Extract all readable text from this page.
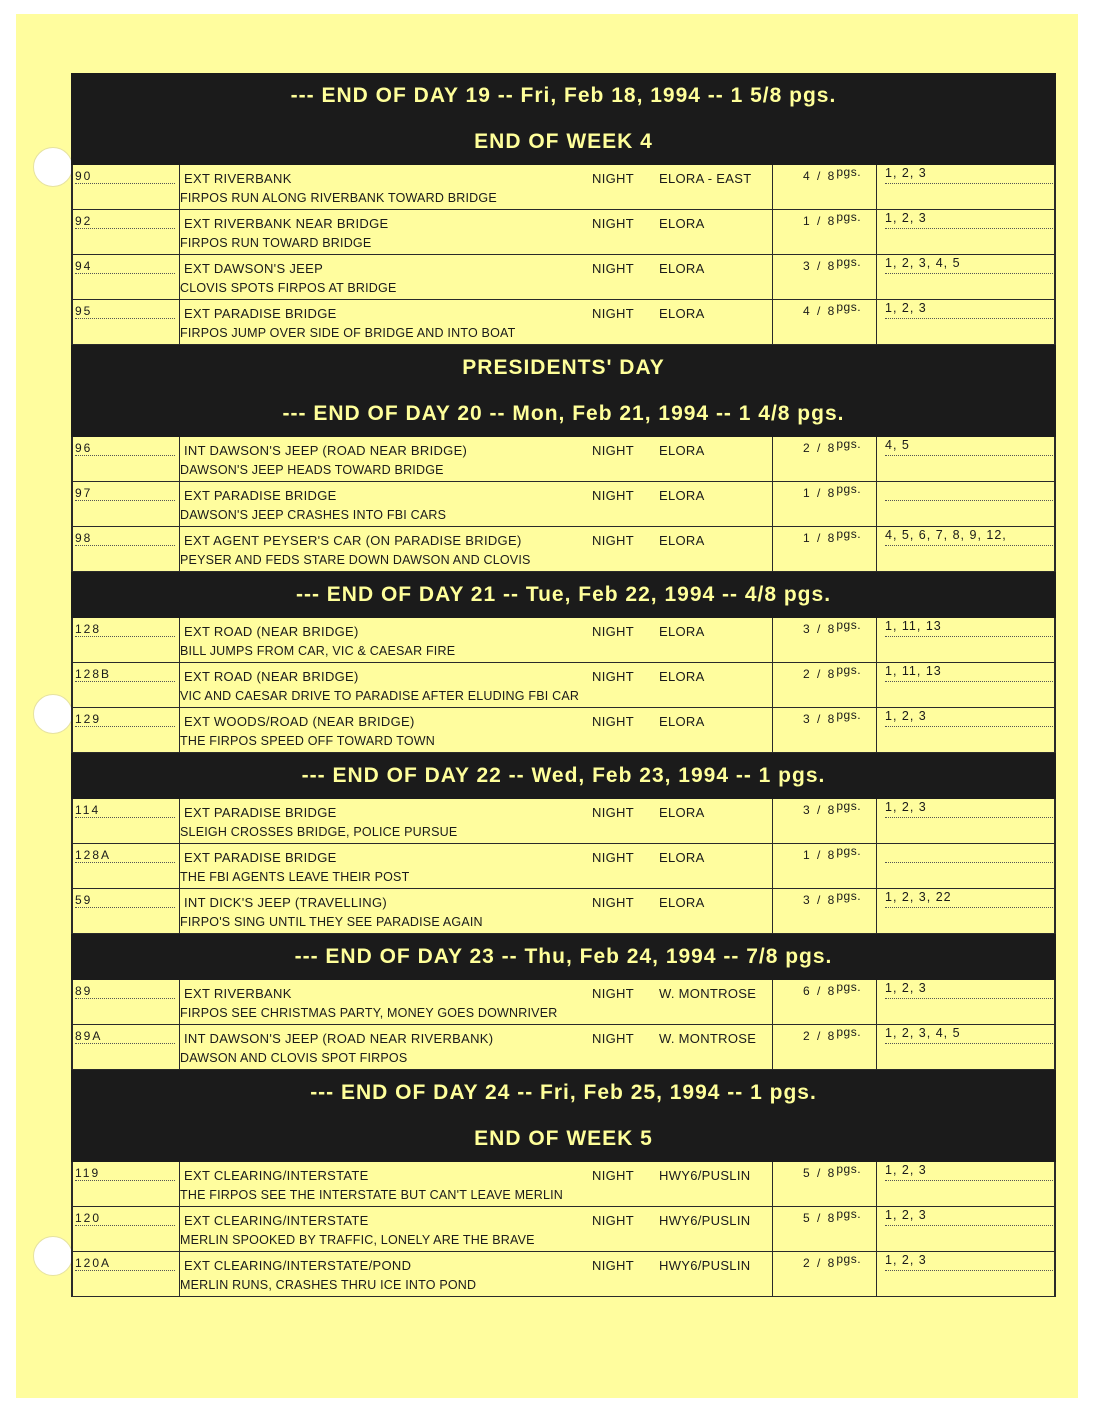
--- END OF DAY 19 -- Fri, Feb 18, 1994 -- 1 5/8 pgs.
END OF WEEK 4
90	EXT RIVERBANK	NIGHT ELORA - EAST
FIRPOS RUN ALONG RIVERBANK TOWARD BRIDGE
$4 / 8^{pgs.}$ 1, 2, 3
92	EXT RIVERBANK NEAR BRIDGE	NIGHT ELORA
FIRPOS RUN TOWARD BRIDGE
$1 / 8^{pgs.}$ 1, 2, 3
94	EXT DAWSON'S JEEP	NIGHT ELORA
CLOVIS SPOTS FIRPOS AT BRIDGE
$3 / 8^{pgs.}$ 1, 2, 3, 4, 5
95	EXT PARADISE BRIDGE	NIGHT ELORA
FIRPOS JUMP OVER SIDE OF BRIDGE AND INTO BOAT
$4 / 8^{pgs.}$ 1, 2, 3
PRESIDENTS' DAY
--- END OF DAY 20 -- Mon, Feb 21, 1994 -- 1 4/8 pgs.
96	INT DAWSON'S JEEP (ROAD NEAR BRIDGE)	NIGHT ELORA
DAWSON'S JEEP HEADS TOWARD BRIDGE
$2 / 8^{pgs.}$ 4, 5
97	EXT PARADISE BRIDGE	NIGHT ELORA
DAWSON'S JEEP CRASHES INTO FBI CARS
$1 / 8^{pgs.}$
98	EXT AGENT PEYSER'S CAR (ON PARADISE BRIDGE)	NIGHT ELORA
PEYSER AND FEDS STARE DOWN DAWSON AND CLOVIS
$1 / 8^{pgs.}$ 4, 5, 6, 7, 8, 9, 12,
--- END OF DAY 21 -- Tue, Feb 22, 1994 -- 4/8 pgs.
128	EXT ROAD (NEAR BRIDGE)	NIGHT ELORA
BILL JUMPS FROM CAR, VIC & CAESAR FIRE
$3 / 8^{pgs.}$ 1, 11, 13
128B	EXT ROAD (NEAR BRIDGE)	NIGHT ELORA
VIC AND CAESAR DRIVE TO PARADISE AFTER ELUDING FBI CAR
$2 / 8^{pgs.}$ 1, 11, 13
129	EXT WOODS/ROAD (NEAR BRIDGE)	NIGHT ELORA
THE FIRPOS SPEED OFF TOWARD TOWN
$3 / 8^{pgs.}$ 1, 2, 3
--- END OF DAY 22 -- Wed, Feb 23, 1994 -- 1 pgs.
114	EXT PARADISE BRIDGE	NIGHT ELORA
SLEIGH CROSSES BRIDGE, POLICE PURSUE
$3 / 8^{pgs.}$ 1, 2, 3
128A	EXT PARADISE BRIDGE	NIGHT ELORA
THE FBI AGENTS LEAVE THEIR POST
$1 / 8^{pgs.}$
59	INT DICK'S JEEP (TRAVELLING)	NIGHT ELORA
FIRPO'S SING UNTIL THEY SEE PARADISE AGAIN
$3 / 8^{pgs.}$ 1, 2, 3, 22
--- END OF DAY 23 -- Thu, Feb 24, 1994 -- 7/8 pgs.
89	EXT RIVERBANK	NIGHT W. MONTROSE
FIRPOS SEE CHRISTMAS PARTY, MONEY GOES DOWNRIVER
$6 / 8^{pgs.}$ 1, 2, 3
89A	INT DAWSON'S JEEP (ROAD NEAR RIVERBANK)	NIGHT W. MONTROSE
DAWSON AND CLOVIS SPOT FIRPOS
$2 / 8^{pgs.}$ 1, 2, 3, 4, 5
--- END OF DAY 24 -- Fri, Feb 25, 1994 -- 1 pgs.
END OF WEEK 5
119	EXT CLEARING/INTERSTATE	NIGHT HWY6/PUSLIN
THE FIRPOS SEE THE INTERSTATE BUT CAN'T LEAVE MERLIN
$5 / 8^{pgs.}$ 1, 2, 3
120	EXT CLEARING/INTERSTATE	NIGHT HWY6/PUSLIN
MERLIN SPOOKED BY TRAFFIC, LONELY ARE THE BRAVE
$5 / 8^{pgs.}$ 1, 2, 3
120A	EXT CLEARING/INTERSTATE/POND	NIGHT HWY6/PUSLIN
MERLIN RUNS, CRASHES THRU ICE INTO POND
$2 / 8^{pgs.}$ 1, 2, 3
